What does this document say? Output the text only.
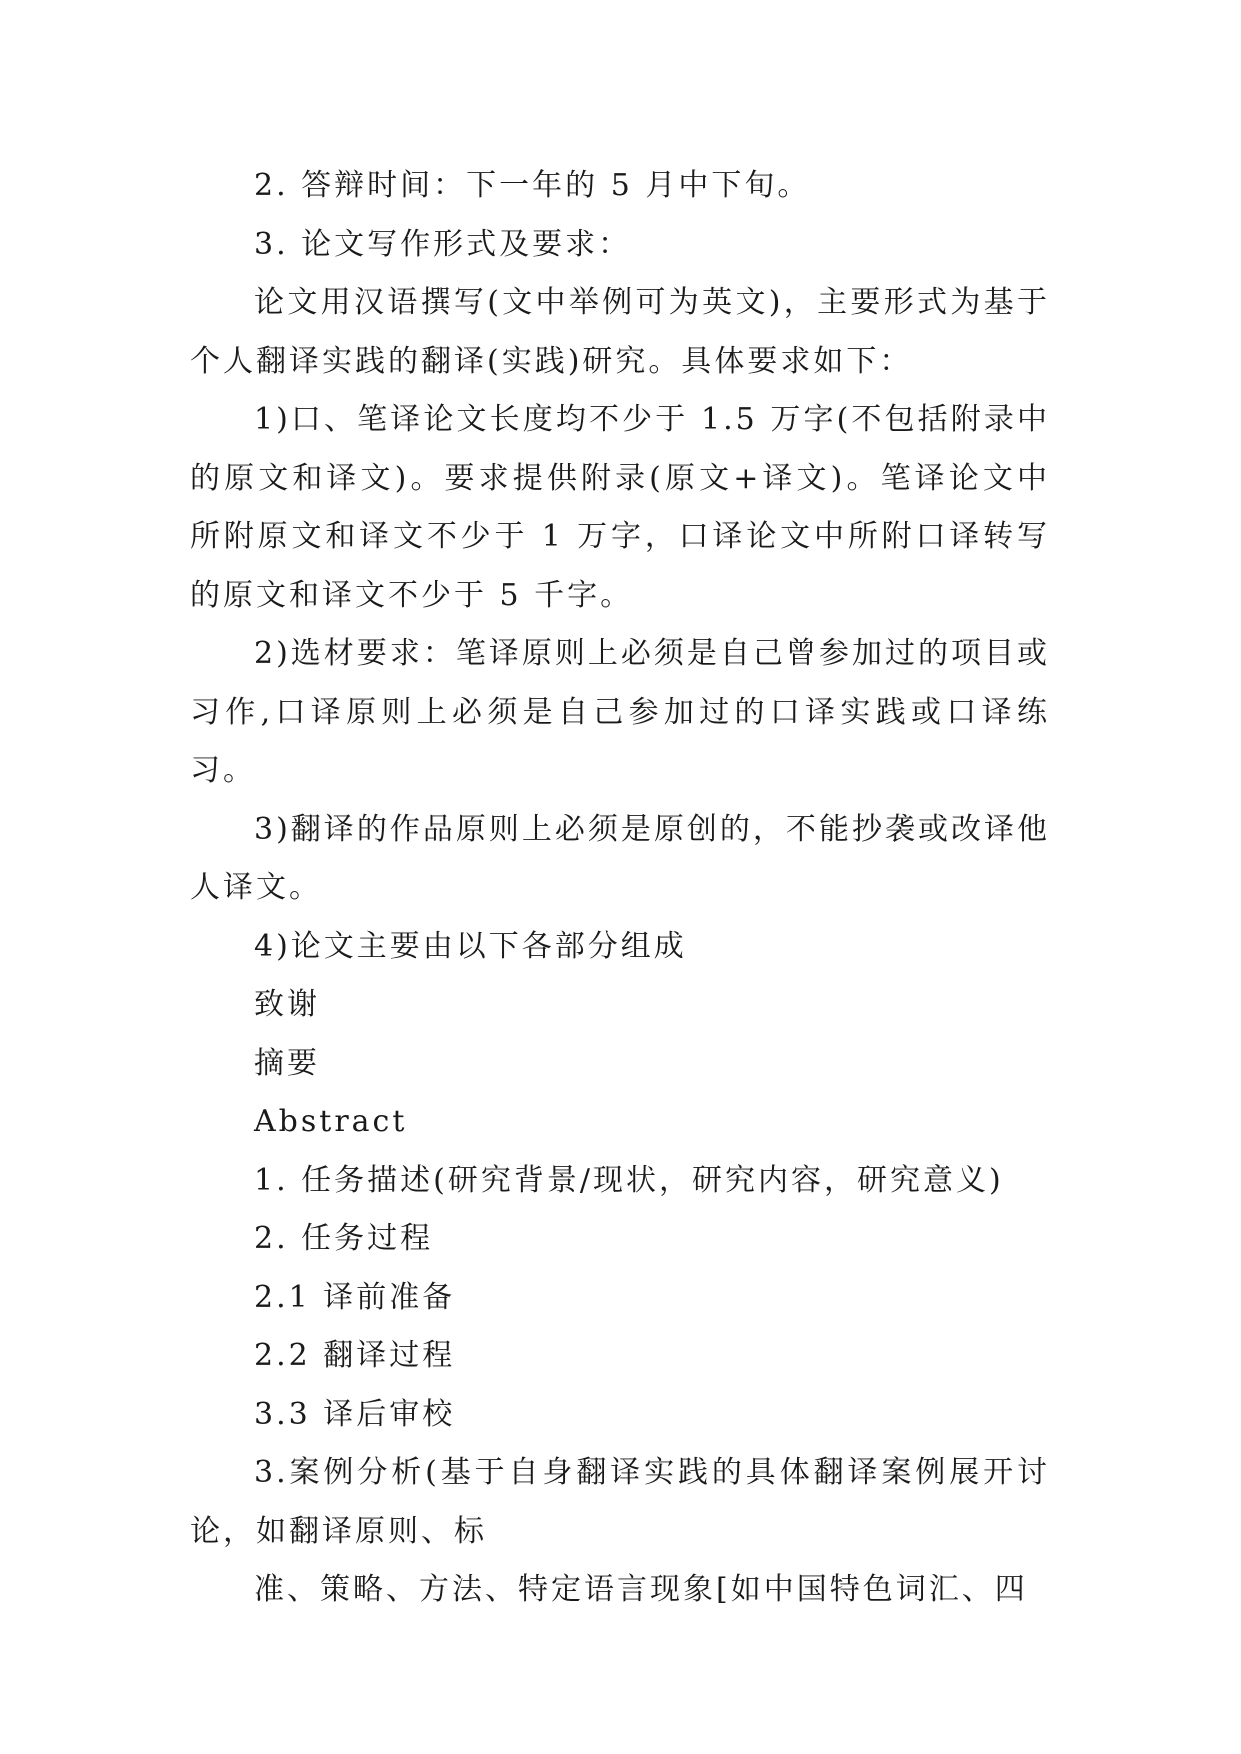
2. 答辩时间：下一年的 5 月中下旬。

3. 论文写作形式及要求：

论文用汉语撰写(文中举例可为英文)，主要形式为基于个人翻译实践的翻译(实践)研究。具体要求如下：

1)口、笔译论文长度均不少于 1.5 万字(不包括附录中的原文和译文)。要求提供附录(原文+译文)。笔译论文中所附原文和译文不少于 1 万字，口译论文中所附口译转写的原文和译文不少于 5 千字。

2)选材要求：笔译原则上必须是自己曾参加过的项目或习作,口译原则上必须是自己参加过的口译实践或口译练习。

3)翻译的作品原则上必须是原创的，不能抄袭或改译他人译文。

4)论文主要由以下各部分组成

致谢

摘要

Abstract

1. 任务描述(研究背景/现状，研究内容，研究意义)

2. 任务过程

2.1 译前准备

2.2 翻译过程

3.3 译后审校

3.案例分析(基于自身翻译实践的具体翻译案例展开讨论，如翻译原则、标

准、策略、方法、特定语言现象[如中国特色词汇、四
